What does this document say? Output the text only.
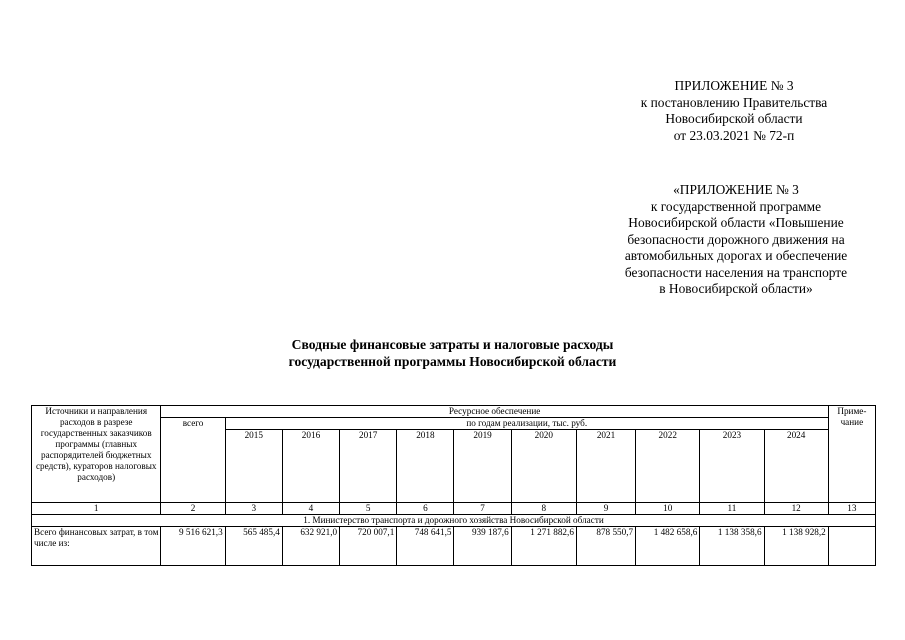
ПРИЛОЖЕНИЕ № 3
к постановлению Правительства
Новосибирской области
от 23.03.2021 № 72-п
«ПРИЛОЖЕНИЕ № 3
к государственной программе
Новосибирской области «Повышение
безопасности дорожного движения на
автомобильных дорогах и обеспечение
безопасности населения на транспорте
в Новосибирской области»
Сводные финансовые затраты и налоговые расходы
государственной программы Новосибирской области
Источники и направления расходов в разрезе государственных заказчиков программы (главных распорядителей бюджетных средств), кураторов налоговых расходов)	Ресурсное обеспечение											Приме-чание
	всего	по годам реализации, тыс. руб.										
		2015	2016	2017	2018	2019	2020	2021	2022	2023	2024	
1	2	3	4	5	6	7	8	9	10	11	12	13
1. Министерство транспорта и дорожного хозяйства Новосибирской области												
Всего финансовых затрат, в том числе из:	9 516 621,3	565 485,4	632 921,0	720 007,1	748 641,5	939 187,6	1 271 882,6	878 550,7	1 482 658,6	1 138 358,6	1 138 928,2	
